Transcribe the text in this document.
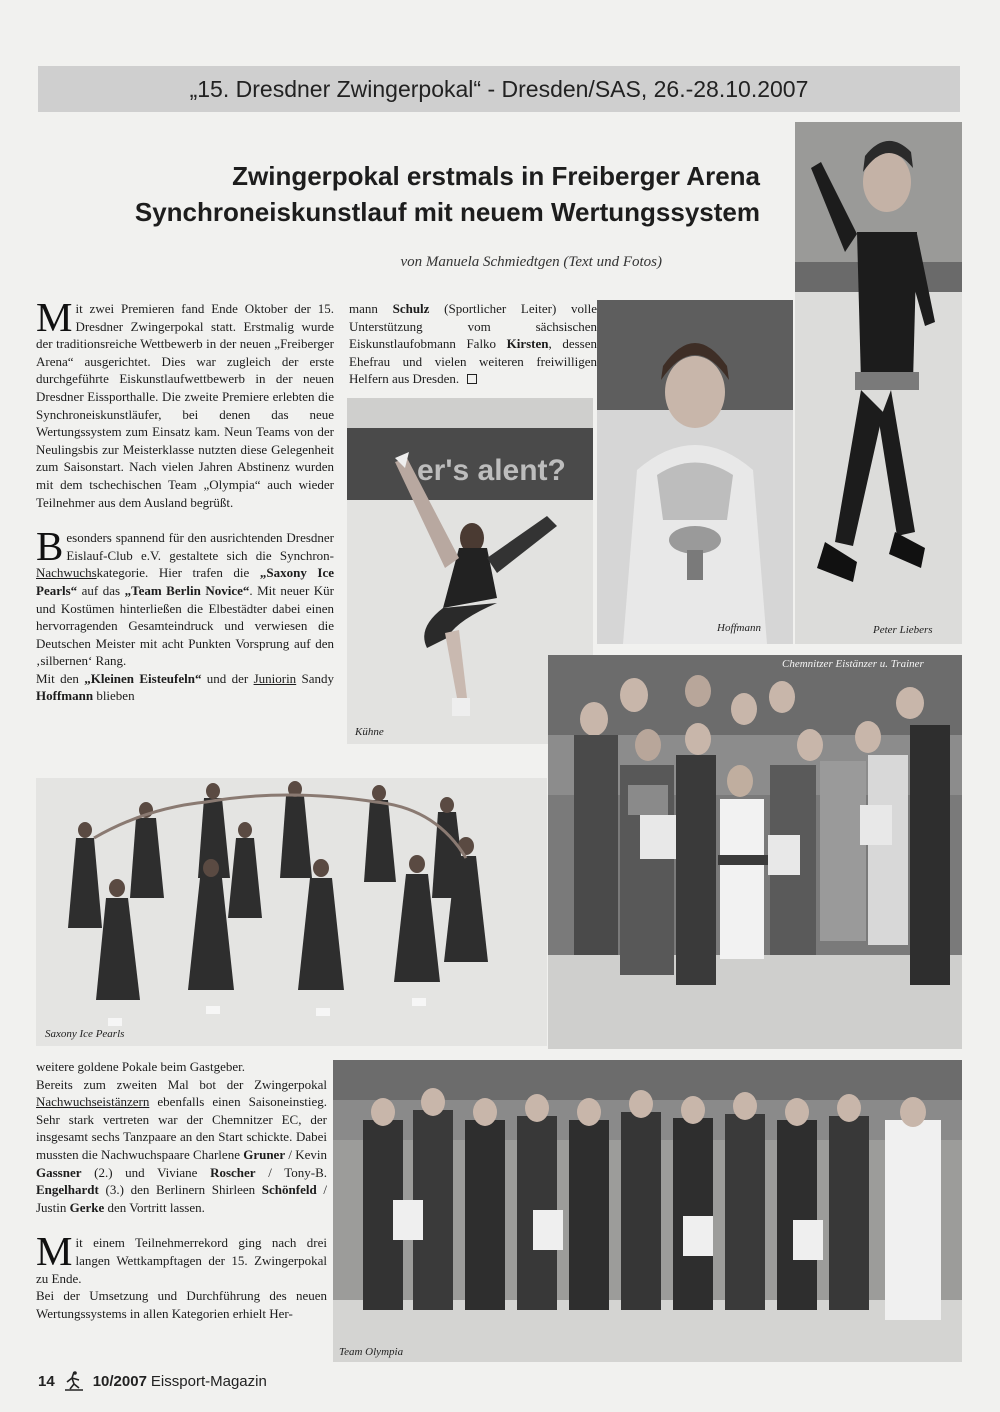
„15. Dresdner Zwingerpokal“ - Dresden/SAS, 26.-28.10.2007
Zwingerpokal erstmals in Freiberger Arena
Synchroneiskunstlauf mit neuem Wertungssystem
von Manuela Schmiedtgen (Text und Fotos)

Mit zwei Premieren fand Ende Oktober der 15. Dresdner Zwingerpokal statt. Erstmalig wurde der traditionsreiche Wettbewerb in der neuen „Freiberger Arena“ ausgerichtet. Dies war zugleich der erste durchgeführte Eiskunstlaufwettbewerb in der neuen Dresdner Eissporthalle. Die zweite Premiere erlebten die Synchroneiskunstläufer, bei denen das neue Wertungssystem zum Einsatz kam. Neun Teams von der Neulingsbis zur Meisterklasse nutzten diese Gelegenheit zum Saisonstart. Nach vielen Jahren Abstinenz wurden mit dem tschechischen Team „Olympia“ auch wieder Teilnehmer aus dem Ausland begrüßt.

Besonders spannend für den ausrichtenden Dresdner Eislauf-Club e.V. gestaltete sich die Synchron-Nachwuchskategorie. Hier trafen die „Saxony Ice Pearls“ auf das „Team Berlin Novice“. Mit neuer Kür und Kostümen hinterließen die Elbestädter dabei einen hervorragenden Gesamteindruck und verwiesen die Deutschen Meister mit acht Punkten Vorsprung auf den ‚silbernen‘ Rang.

Mit den „Kleinen Eisteufeln“ und der Juniorin Sandy Hoffmann blieben

mann Schulz (Sportlicher Leiter) volle Unterstützung vom sächsischen Eiskunstlaufobmann Falko Kirsten, dessen Ehefrau und vielen weiteren freiwilligen Helfern aus Dresden.

weitere goldene Pokale beim Gastgeber.

Bereits zum zweiten Mal bot der Zwingerpokal Nachwuchseistänzern ebenfalls einen Saisoneinstieg. Sehr stark vertreten war der Chemnitzer EC, der insgesamt sechs Tanzpaare an den Start schickte. Dabei mussten die Nachwuchspaare Charlene Gruner / Kevin Gassner (2.) und Viviane Roscher / Tony-B. Engelhardt (3.) den Berlinern Shirleen Schönfeld / Justin Gerke den Vortritt lassen.

Mit einem Teilnehmerrekord ging nach drei langen Wettkampftagen der 15. Zwingerpokal zu Ende.

Bei der Umsetzung und Durchführung des neuen Wertungssystems in allen Kategorien erhielt Her-

er's alent?
Kühne
Hoffmann	Peter Liebers
Chemnitzer Eistänzer u. Trainer
Saxony Ice Pearls
Team Olympia
14	10/2007 Eissport-Magazin
